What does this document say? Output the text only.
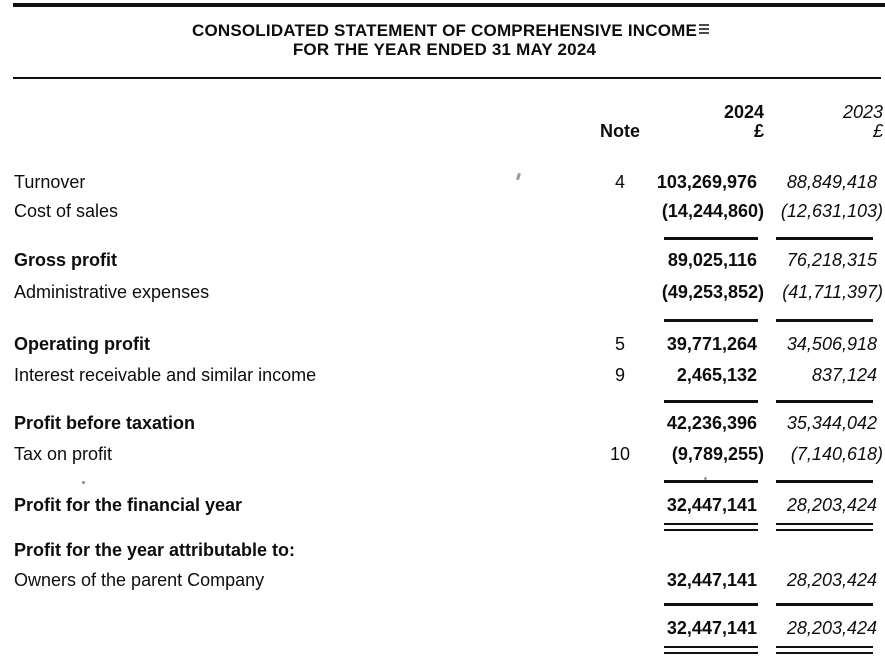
CONSOLIDATED STATEMENT OF COMPREHENSIVE INCOME
FOR THE YEAR ENDED 31 MAY 2024
2024	2023
Note	£	£
Turnover	4	103,269,976	88,849,418
Cost of sales	(14,244,860) (12,631,103)
Gross profit	89,025,116	76,218,315
Administrative expenses	(49,253,852)	(41,711,397)
Operating profit	5	39,771,264	34,506,918
Interest receivable and similar income	9	2,465,132	837,124
Profit before taxation	42,236,396	35,344,042
Tax on profit	10	(9,789,255)	(7,140,618)
Profit for the financial year	32,447,141	28,203,424
Profit for the year attributable to:
Owners of the parent Company	32,447,141	28,203,424
32,447,141	28,203,424
